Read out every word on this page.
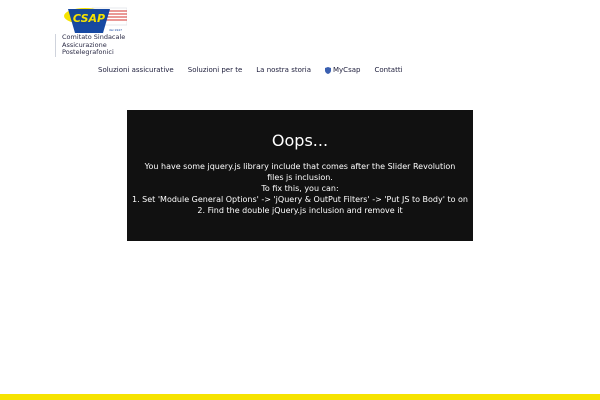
CSAP
dal 1947
Comitato Sindacale
Assicurazione
Postelegrafonici
Soluzioni assicurative Soluzioni per te La nostra storia	MyCsap Contatti
Oops...

You have some jquery.js library include that comes after the Slider Revolution files js inclusion.

To fix this, you can:

1. Set 'Module General Options' -> 'jQuery & OutPut Filters' -> 'Put JS to Body' to on
2. Find the double jQuery.js inclusion and remove it
